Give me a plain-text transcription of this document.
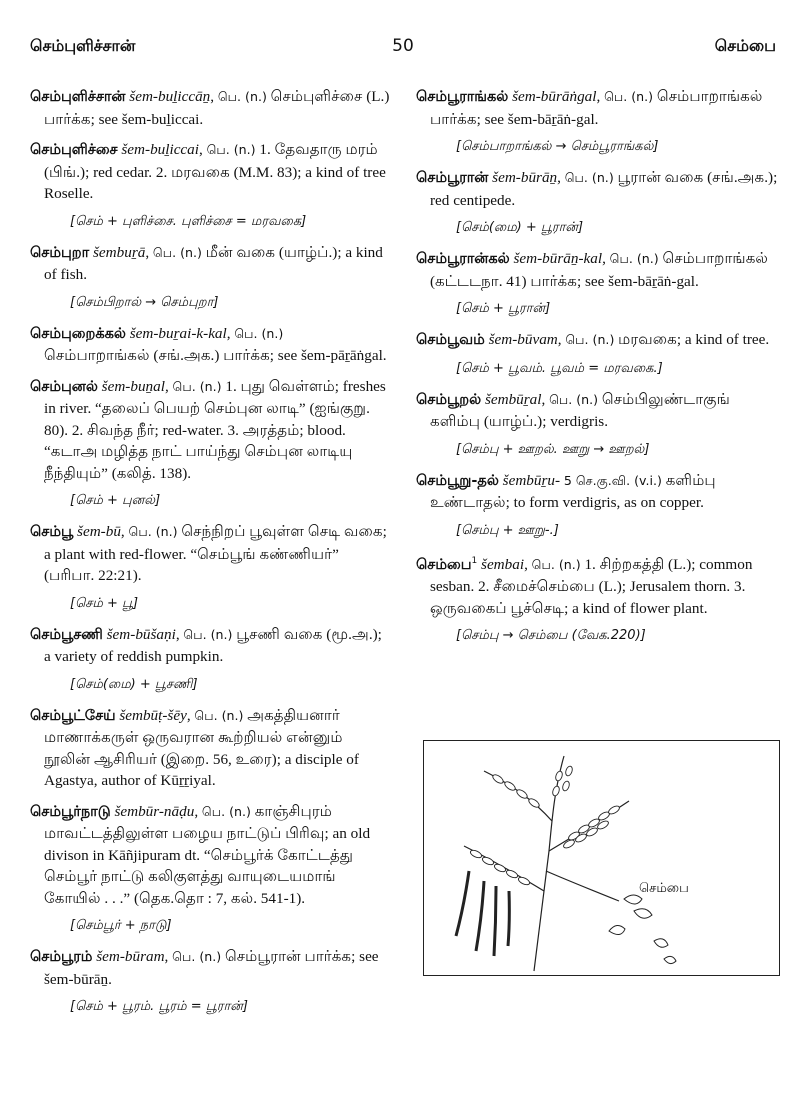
செம்புளிச்சான்	50	செம்பை

செம்புளிச்சான் šem-buḻiccāṉ, பெ. (n.) செம்புளிச்சை (L.) பார்க்க; see šem-buḻiccai.

செம்புளிச்சை šem-buḻiccai, பெ. (n.) 1. தேவதாரு மரம் (பிங்.); red cedar. 2. மரவகை (M.M. 83); a kind of tree Roselle.

[செம் + புளிச்சை. புளிச்சை = மரவகை]

செம்புறா šembuṟā, பெ. (n.) மீன் வகை (யாழ்ப்.); a kind of fish.

[செம்பிறால் → செம்புறா]

செம்புறைக்கல் šem-buṟai-k-kal, பெ. (n.) செம்பாறாங்கல் (சங்.அக.) பார்க்க; see šem-pāṟāṅgal.

செம்புனல் šem-buṉal, பெ. (n.) 1. புது வெள்ளம்; freshes in river. “தலைப் பெயற் செம்புன லாடி” (ஐங்குறு. 80). 2. சிவந்த நீர்; red-water. 3. அரத்தம்; blood. “கடாஅ மழித்த நாட் பாய்ந்து செம்புன லாடியு நீந்தியும்” (கலித். 138).

[செம் + புனல்]

செம்பூ šem-bū, பெ. (n.) செந்நிறப் பூவுள்ள செடி வகை; a plant with red-flower. “செம்பூங் கண்ணியர்” (பரிபா. 22:21).

[செம் + பூ]

செம்பூசணி šem-būšaṇi, பெ. (n.) பூசணி வகை (மூ.அ.); a variety of reddish pumpkin.

[செம்(மை) + பூசணி]

செம்பூட்சேய் šembūṭ-šēy, பெ. (n.) அகத்தியனார் மாணாக்கருள் ஒருவரான கூற்றியல் என்னும் நூலின் ஆசிரியர் (இறை. 56, உரை); a disciple of Agastya, author of Kūṟṟiyal.

செம்பூர்நாடு šembūr-nāḍu, பெ. (n.) காஞ்சிபுரம் மாவட்டத்திலுள்ள பழைய நாட்டுப் பிரிவு; an old divison in Kāñjipuram dt. “செம்பூர்க் கோட்டத்து செம்பூர் நாட்டு கலிகுளத்து வாயுடையமாங் கோயில் . . .” (தெக.தொ : 7, கல். 541-1).

[செம்பூர் + நாடு]

செம்பூரம் šem-būram, பெ. (n.) செம்பூரான் பார்க்க; see šem-būrāṉ.

[செம் + பூரம். பூரம் = பூரான்]

செம்பூராங்கல் šem-būrāṅgal, பெ. (n.) செம்பாறாங்கல் பார்க்க; see šem-bāṟāṅ-gal.

[செம்பாறாங்கல் → செம்பூராங்கல்]

செம்பூரான் šem-būrāṉ, பெ. (n.) பூரான் வகை (சங்.அக.); red centipede.

[செம்(மை) + பூரான்]

செம்பூரான்கல் šem-būrāṉ-kal, பெ. (n.) செம்பாறாங்கல் (கட்டடநா. 41) பார்க்க; see šem-bāṟāṅ-gal.

[செம் + பூரான்]

செம்பூவம் šem-būvam, பெ. (n.) மரவகை; a kind of tree.

[செம் + பூவம். பூவம் = மரவகை.]

செம்பூறல் šembūṟal, பெ. (n.) செம்பிலுண்டாகுங் களிம்பு (யாழ்ப்.); verdigris.

[செம்பு + ஊறல். ஊறு → ஊறல்]

செம்பூறு-தல் šembūṟu- 5 செ.கு.வி. (v.i.) களிம்பு உண்டாதல்; to form verdigris, as on copper.

[செம்பு + ஊறு-.]

செம்பை$^1$ šembai, பெ. (n.) 1. சிற்றகத்தி (L.); common sesban. 2. சீமைச்செம்பை (L.); Jerusalem thorn. 3. ஒருவகைப் பூச்செடி; a kind of flower plant.

[செம்பு → செம்பை (வேக.220)]
செம்பை
